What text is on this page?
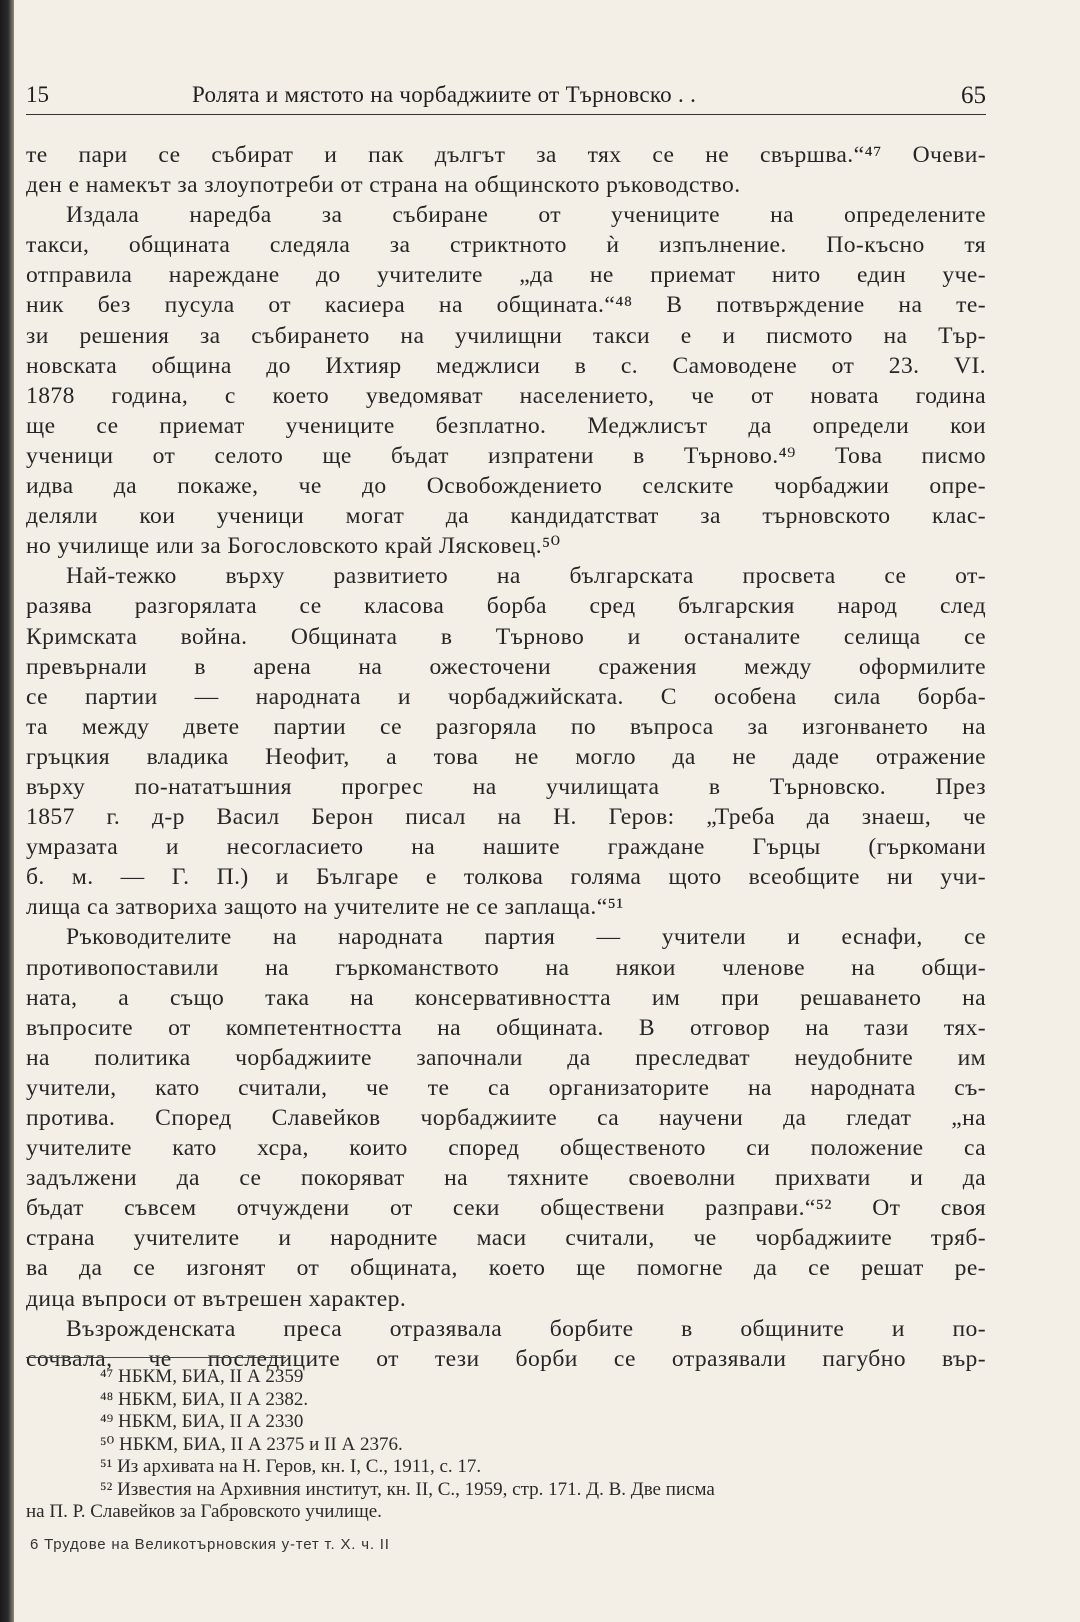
15	Ролята и мястото на чорбаджиите от Търновско . .	65
те пари се събират и пак дългът за тях се не свършва.“⁴⁷ Очеви-
ден е намекът за злоупотреби от страна на общинското ръководство.
Издала наредба за събиране от учениците на определените
такси, общината следяла за стриктното ѝ изпълнение. По-късно тя
отправила нареждане до учителите „да не приемат нито един уче-
ник без пусула от касиера на общината.“⁴⁸ В потвърждение на те-
зи решения за събирането на училищни такси е и писмото на Тър-
новската община до Ихтияр меджлиси в с. Самоводене от 23. VI.
1878 година, с което уведомяват населението, че от новата година
ще се приемат учениците безплатно. Меджлисът да определи кои
ученици от селото ще бъдат изпратени в Търново.⁴⁹ Това писмо
идва да покаже, че до Освобождението селските чорбаджии опре-
деляли кои ученици могат да кандидатстват за търновското клас-
но училище или за Богословското край Лясковец.⁵⁰
Най-тежко върху развитието на българската просвета се от-
разява разгорялата се класова борба сред българския народ след
Кримската война. Общината в Търново и останалите селища се
превърнали в арена на ожесточени сражения между оформилите
се партии — народната и чорбаджийската. С особена сила борба-
та между двете партии се разгоряла по въпроса за изгонването на
гръцкия владика Неофит, а това не могло да не даде отражение
върху по-нататъшния прогрес на училищата в Търновско. През
1857 г. д-р Васил Берон писал на Н. Геров: „Треба да знаеш, че
умразата и несогласието на нашите граждане Гърцы (гъркомани
б. м. — Г. П.) и Българе е толкова голяма щото всеобщите ни учи-
лища са затвориха защото на учителите не се заплаща.“⁵¹
Ръководителите на народната партия — учители и еснафи, се
противопоставили на гъркоманството на някои членове на общи-
ната, а също така на консервативността им при решаването на
въпросите от компетентността на общината. В отговор на тази тях-
на политика чорбаджиите започнали да преследват неудобните им
учители, като считали, че те са организаторите на народната съ-
протива. Според Славейков чорбаджиите са научени да гледат „на
учителите като хсра, които според общественото си положение са
задължени да се покоряват на тяхните своеволни прихвати и да
бъдат съвсем отчуждени от секи обществени разправи.“⁵² От своя
страна учителите и народните маси считали, че чорбаджиите тряб-
ва да се изгонят от общината, което ще помогне да се решат ре-
дица въпроси от вътрешен характер.
Възрожденската преса отразявала борбите в общините и по-
сочвала, че последиците от тези борби се отразявали пагубно вър-
⁴⁷ НБКМ, БИА, II А 2359
⁴⁸ НБКМ, БИА, II А 2382.
⁴⁹ НБКМ, БИА, II А 2330
⁵⁰ НБКМ, БИА, II А 2375 и II А 2376.
⁵¹ Из архивата на Н. Геров, кн. I, С., 1911, с. 17.
⁵² Известия на Архивния институт, кн. II, С., 1959, стр. 171. Д. В. Две писма
на П. Р. Славейков за Габровското училище.
6 Трудове на Великотърновския у-тет т. Х. ч. II
